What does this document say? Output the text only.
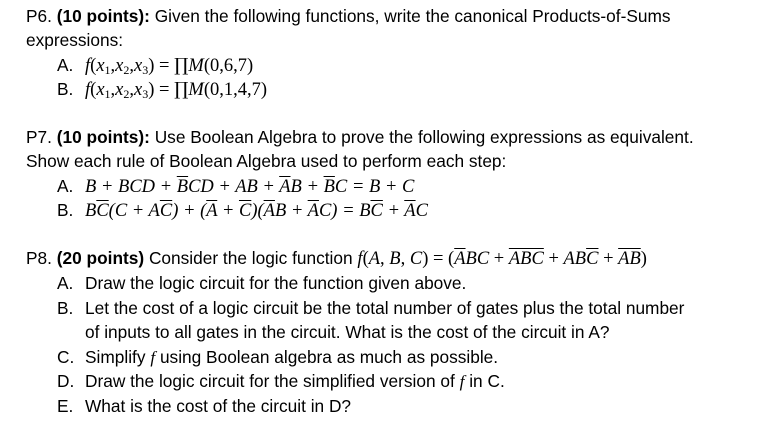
P6. (10 points): Given the following functions, write the canonical Products-of-Sums
expressions:
A. $f(x_1,x_2,x_3)$ = ∏M(0,6,7)
B. $f(x_1,x_2,x_3)$ = ∏M(0,1,4,7)
P7. (10 points): Use Boolean Algebra to prove the following expressions as equivalent.
Show each rule of Boolean Algebra used to perform each step:
A. B + BCD + $\overline{B}CD$ + AB + $\overline{A}B + \overline{B}C = B + C$
B. $B\overline{C}(C + A\overline{C}) + (\overline{A} + \overline{C})(\overline{A}B + \overline{A}C) = B\overline{C} + \overline{A}C$
P8. (20 points) Consider the logic function f(A, B, $C) = (\overline{A}BC + \overline{ABC} + AB\overline{C} + \overline{AB})$
A. Draw the logic circuit for the function given above.
B. Let the cost of a logic circuit be the total number of gates plus the total number
of inputs to all gates in the circuit. What is the cost of the circuit in A?
C. Simplify f using Boolean algebra as much as possible.
D. Draw the logic circuit for the simplified version of f in C.
E. What is the cost of the circuit in D?
